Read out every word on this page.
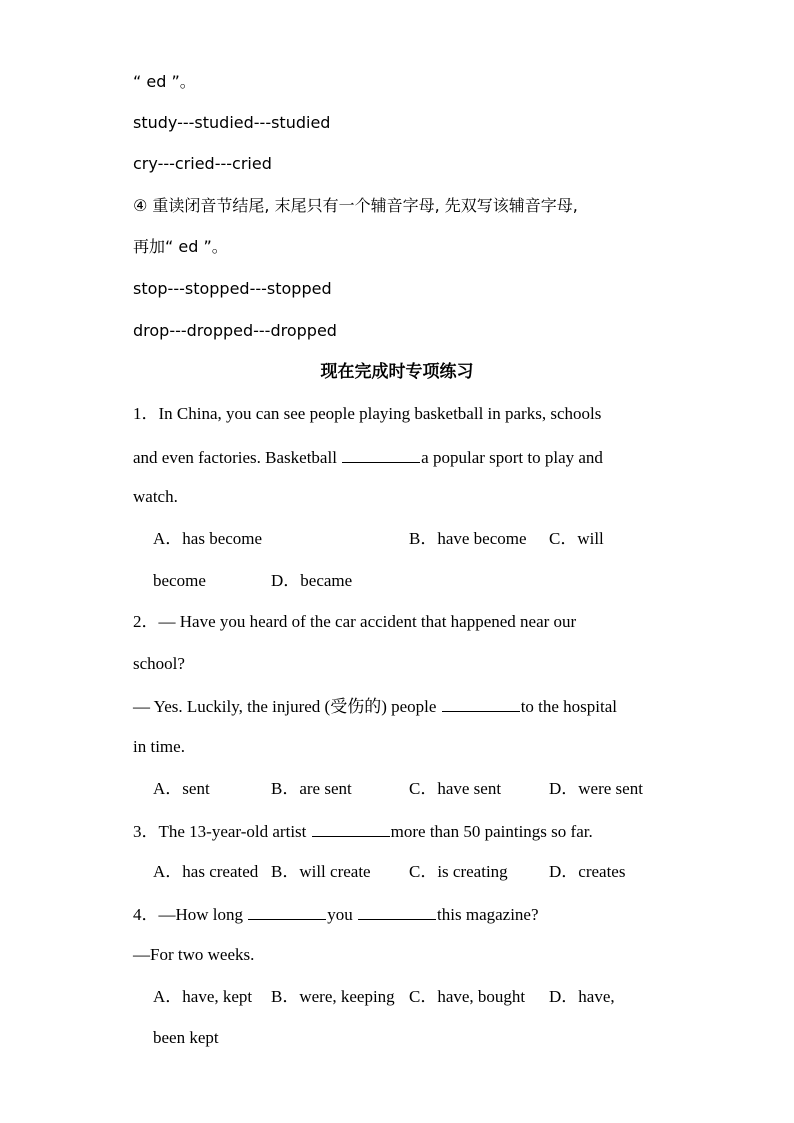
“ ed ”。
study---studied---studied
cry---cried---cried
④ 重读闭音节结尾, 末尾只有一个辅音字母, 先双写该辅音字母,
再加“ ed ”。
stop---stopped---stopped
drop---dropped---dropped
现在完成时专项练习
1．In China, you can see people playing basketball in parks, schools
and even factories. Basketball	a popular sport to play and
watch.
A．has become	B．have become C．will
become	D．became
2．— Have you heard of the car accident that happened near our
school?
— Yes. Luckily, the injured (受伤的) people	to the hospital
in time.
A．sent	B．are sent	C．have sent	D．were sent
3．The 13-year-old artist	more than 50 paintings so far.
A．has created B．will create C．is creating D．creates
4．—How long	you	this magazine?
—For two weeks.
A．have, kept B．were, keeping C．have, bought D．have,
been kept
